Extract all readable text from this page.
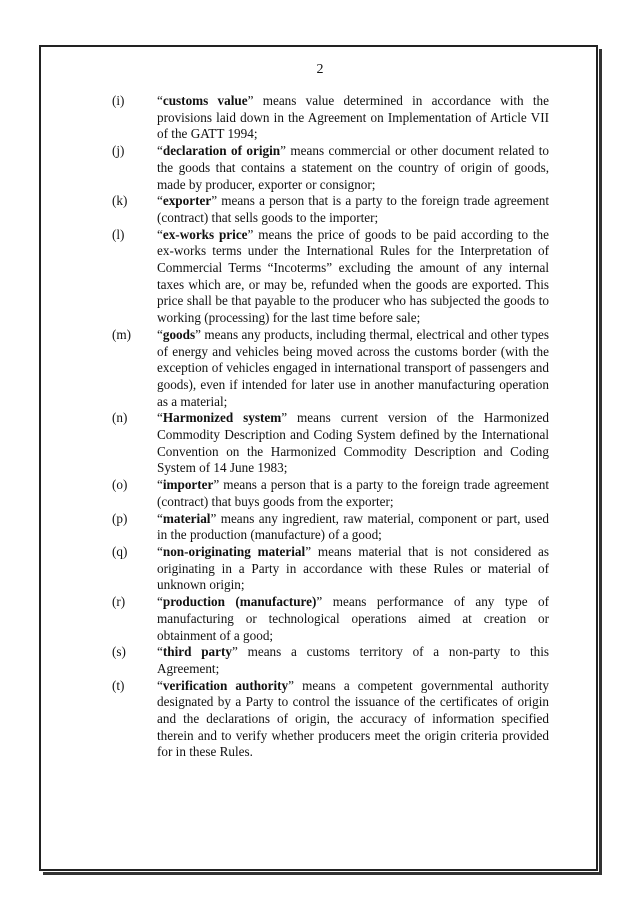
2
(i) “customs value” means value determined in accordance with the provisions laid down in the Agreement on Implementation of Article VII of the GATT 1994;
(j) “declaration of origin” means commercial or other document related to the goods that contains a statement on the country of origin of goods, made by producer, exporter or consignor;
(k) “exporter” means a person that is a party to the foreign trade agreement (contract) that sells goods to the importer;
(l) “ex-works price” means the price of goods to be paid according to the ex-works terms under the International Rules for the Interpretation of Commercial Terms “Incoterms” excluding the amount of any internal taxes which are, or may be, refunded when the goods are exported. This price shall be that payable to the producer who has subjected the goods to working (processing) for the last time before sale;
(m) “goods” means any products, including thermal, electrical and other types of energy and vehicles being moved across the customs border (with the exception of vehicles engaged in international transport of passengers and goods), even if intended for later use in another manufacturing operation as a material;
(n) “Harmonized system” means current version of the Harmonized Commodity Description and Coding System defined by the International Convention on the Harmonized Commodity Description and Coding System of 14 June 1983;
(o) “importer” means a person that is a party to the foreign trade agreement (contract) that buys goods from the exporter;
(p) “material” means any ingredient, raw material, component or part, used in the production (manufacture) of a good;
(q) “non-originating material” means material that is not considered as originating in a Party in accordance with these Rules or material of unknown origin;
(r) “production (manufacture)” means performance of any type of manufacturing or technological operations aimed at creation or obtainment of a good;
(s) “third party” means a customs territory of a non-party to this Agreement;
(t) “verification authority” means a competent governmental authority designated by a Party to control the issuance of the certificates of origin and the declarations of origin, the accuracy of information specified therein and to verify whether producers meet the origin criteria provided for in these Rules.
